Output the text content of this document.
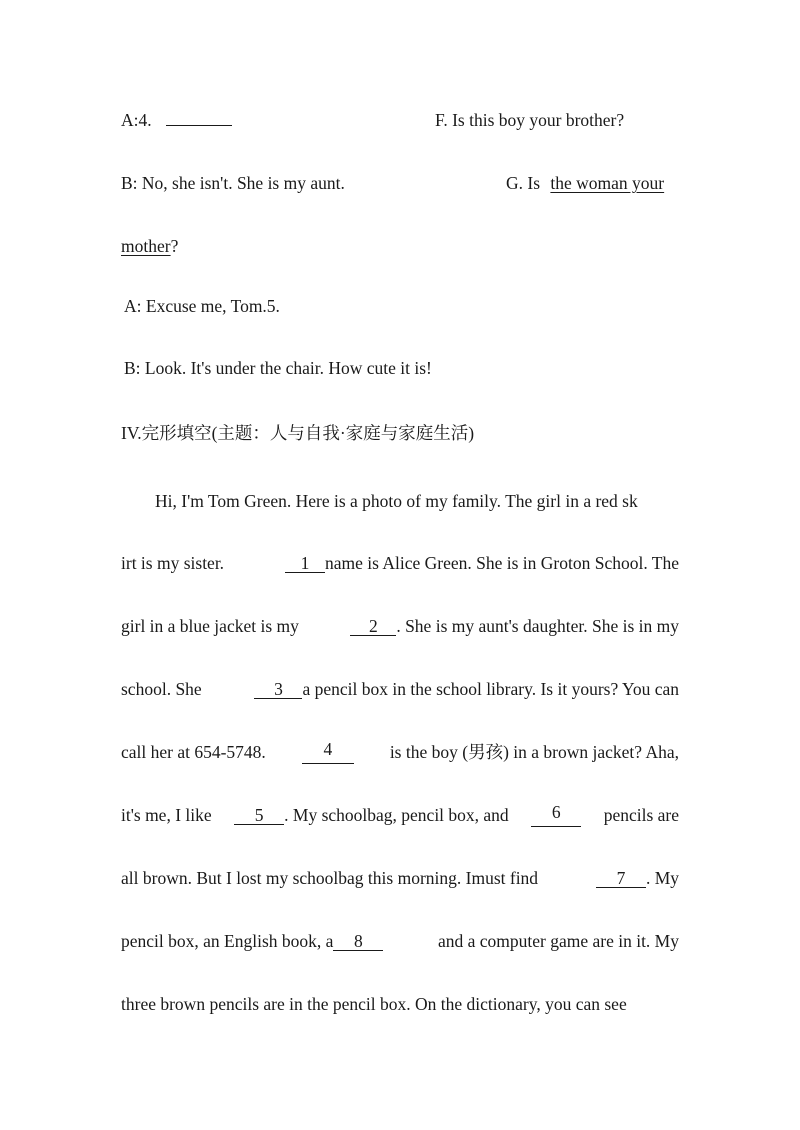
A:4.	F. Is this boy your brother?
B: No, she isn't. She is my aunt.	G. Is the woman your
mother?
A: Excuse me, Tom.5.
B: Look. It's under the chair. How cute it is!
IV.完形填空(主题：人与自我·家庭与家庭生活)
Hi, I'm Tom Green. Here is a photo of my family. The girl in a red sk
irt is my sister.	1 name is Alice Green. She is in Groton School. The
girl in a blue jacket is my	2 . She is my aunt's daughter. She is in my
school. She	3 a pencil box in the school library. Is it yours? You can
call her at 654-5748.	4	is the boy (男孩) in a brown jacket? Aha,
it's me, I like	5 . My schoolbag, pencil box, and	6	pencils are
all brown. But I lost my schoolbag this morning. Imust find	7 . My
pencil box, an English book, a 8	and a computer game are in it. My
three brown pencils are in the pencil box. On the dictionary, you can see
